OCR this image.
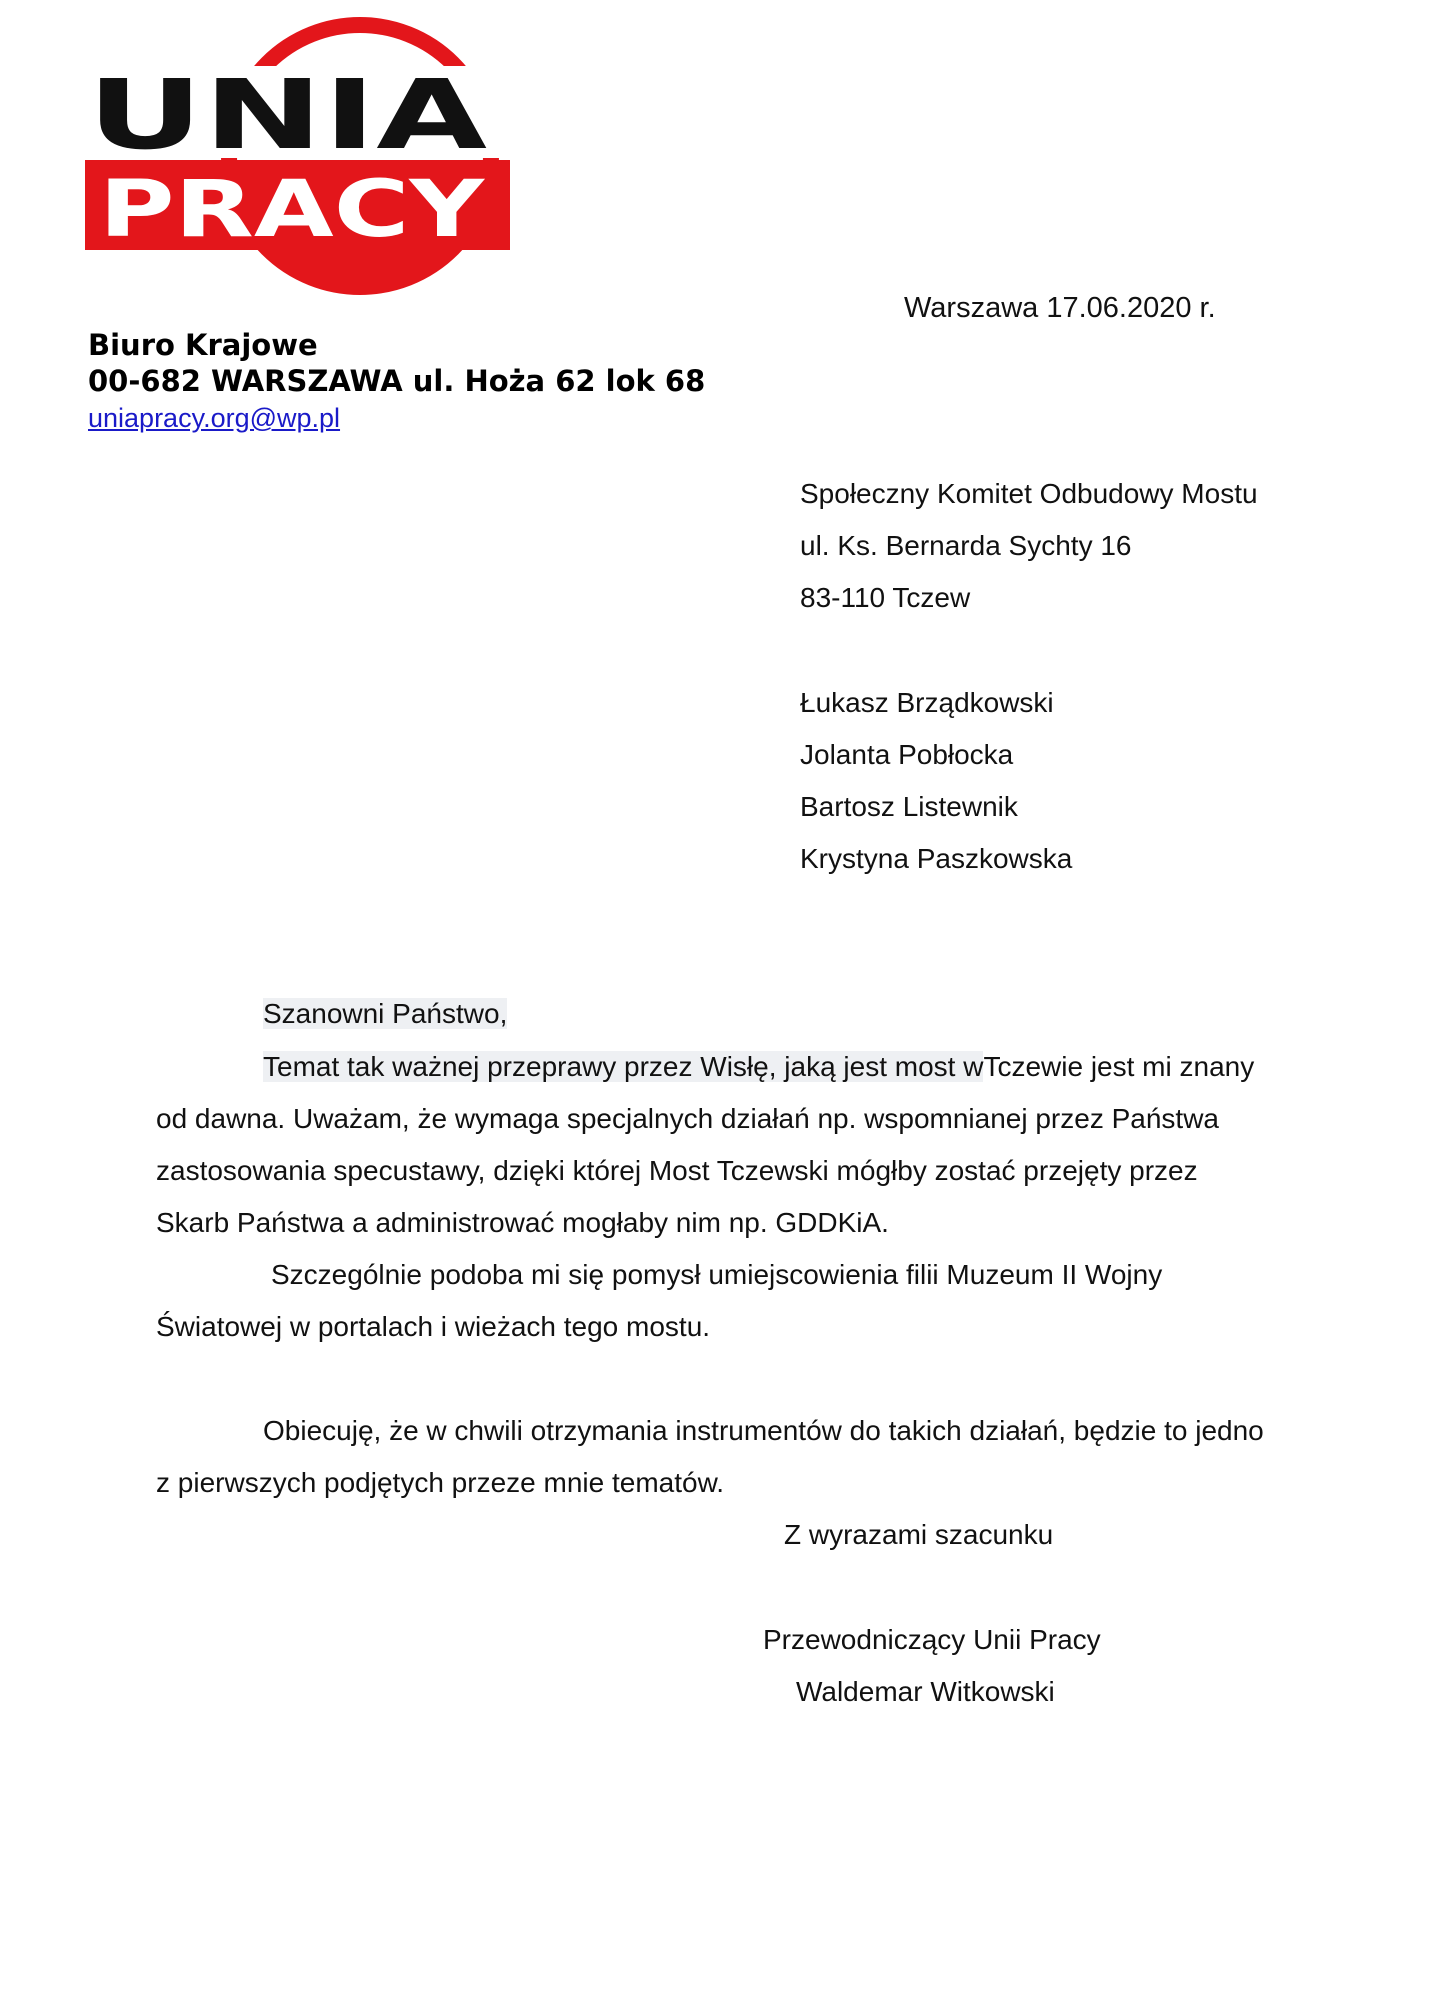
UNIA
PRACY
Biuro Krajowe
00-682 WARSZAWA ul. Hoża 62 lok 68
uniapracy.org@wp.pl
Warszawa 17.06.2020 r.
Społeczny Komitet Odbudowy Mostu
ul. Ks. Bernarda Sychty 16
83-110 Tczew
Łukasz Brządkowski
Jolanta Pobłocka
Bartosz Listewnik
Krystyna Paszkowska
Szanowni Państwo,
Temat tak ważnej przeprawy przez Wisłę, jaką jest most wTczewie jest mi znany
od dawna. Uważam, że wymaga specjalnych działań np. wspomnianej przez Państwa
zastosowania specustawy, dzięki której Most Tczewski mógłby zostać przejęty przez
Skarb Państwa a administrować mogłaby nim np. GDDKiA.
Szczególnie podoba mi się pomysł umiejscowienia filii Muzeum II Wojny
Światowej w portalach i wieżach tego mostu.
Obiecuję, że w chwili otrzymania instrumentów do takich działań, będzie to jedno
z pierwszych podjętych przeze mnie tematów.
Z wyrazami szacunku
Przewodniczący Unii Pracy
Waldemar Witkowski
